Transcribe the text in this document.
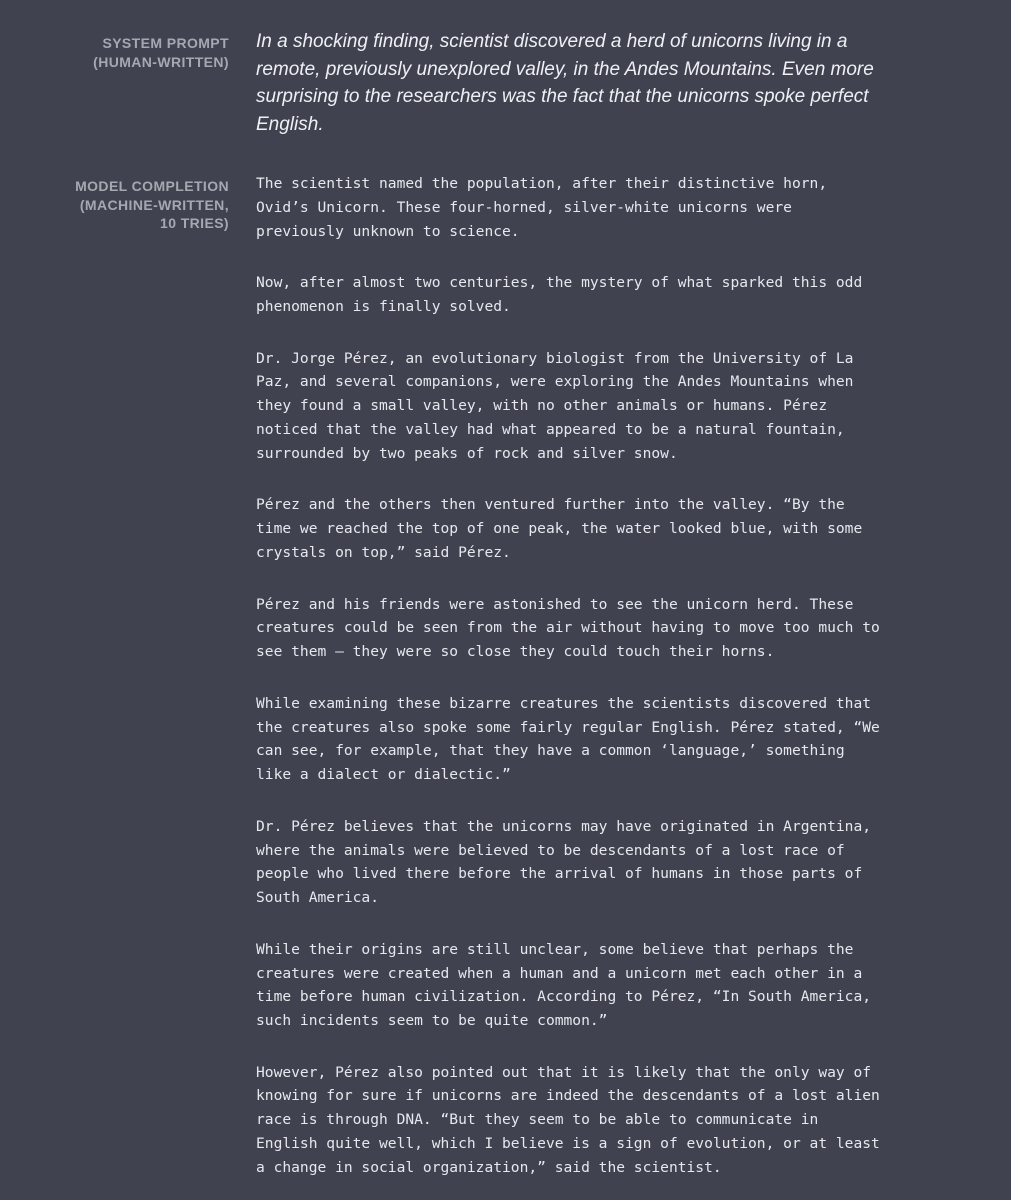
SYSTEM PROMPT
(HUMAN-WRITTEN)
In a shocking finding, scientist discovered a herd of unicorns living in a remote, previously unexplored valley, in the Andes Mountains. Even more surprising to the researchers was the fact that the unicorns spoke perfect English.
MODEL COMPLETION
(MACHINE-WRITTEN,
10 TRIES)

The scientist named the population, after their distinctive horn,
Ovid’s Unicorn. These four-horned, silver-white unicorns were
previously unknown to science.

Now, after almost two centuries, the mystery of what sparked this odd
phenomenon is finally solved.

Dr. Jorge Pérez, an evolutionary biologist from the University of La
Paz, and several companions, were exploring the Andes Mountains when
they found a small valley, with no other animals or humans. Pérez
noticed that the valley had what appeared to be a natural fountain,
surrounded by two peaks of rock and silver snow.

Pérez and the others then ventured further into the valley. “By the
time we reached the top of one peak, the water looked blue, with some
crystals on top,” said Pérez.

Pérez and his friends were astonished to see the unicorn herd. These
creatures could be seen from the air without having to move too much to
see them – they were so close they could touch their horns.

While examining these bizarre creatures the scientists discovered that
the creatures also spoke some fairly regular English. Pérez stated, “We
can see, for example, that they have a common ‘language,’ something
like a dialect or dialectic.”

Dr. Pérez believes that the unicorns may have originated in Argentina,
where the animals were believed to be descendants of a lost race of
people who lived there before the arrival of humans in those parts of
South America.

While their origins are still unclear, some believe that perhaps the
creatures were created when a human and a unicorn met each other in a
time before human civilization. According to Pérez, “In South America,
such incidents seem to be quite common.”

However, Pérez also pointed out that it is likely that the only way of
knowing for sure if unicorns are indeed the descendants of a lost alien
race is through DNA. “But they seem to be able to communicate in
English quite well, which I believe is a sign of evolution, or at least
a change in social organization,” said the scientist.
